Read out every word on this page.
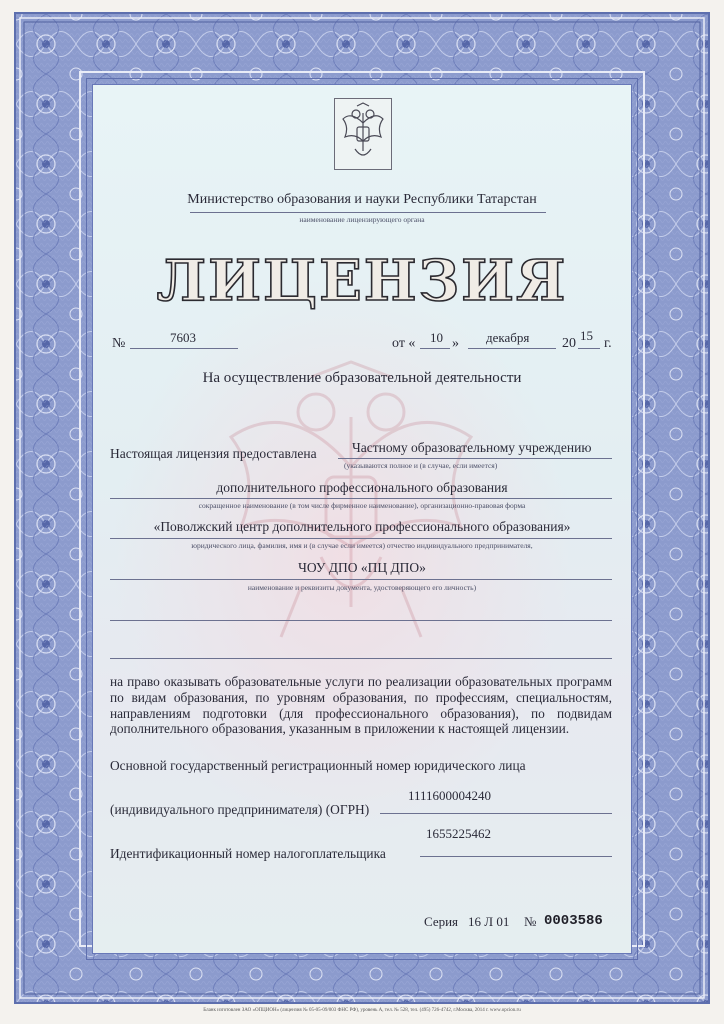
Министерство образования и науки Республики Татарстан
наименование лицензирующего органа
ЛИЦЕНЗИЯ
№	7603	от « 10 » декабря 20
15
г.
На осуществление образовательной деятельности
Настоящая лицензия предоставлена	Частному образовательному учреждению
(указываются полное и (в случае, если имеется)
дополнительного профессионального образования
сокращенное наименование (в том числе фирменное наименование), организационно-правовая форма
«Поволжский центр дополнительного профессионального образования»
юридического лица, фамилия, имя и (в случае если имеется) отчество индивидуального предпринимателя,
ЧОУ ДПО «ПЦ ДПО»
наименование и реквизиты документа, удостоверяющего его личность)
на право оказывать образовательные услуги по реализации образовательных программ по видам образования, по уровням образования, по профессиям, специальностям, направлениям подготовки (для профессионального образования), по подвидам дополнительного образования, указанным в приложении к настоящей лицензии.
Основной государственный регистрационный номер юридического лица
(индивидуального предпринимателя) (ОГРН)
1111600004240
1655225462
Идентификационный номер налогоплательщика
Серия 16 Л 01 № 0003586
Бланк изготовлен ЗАО «ОПЦИОН» (лицензия № 05-05-09/003 ФНС РФ), уровень А, тел. № 528, тел. (495) 726-4742, г.Москва, 2014 г. www.opcion.ru
